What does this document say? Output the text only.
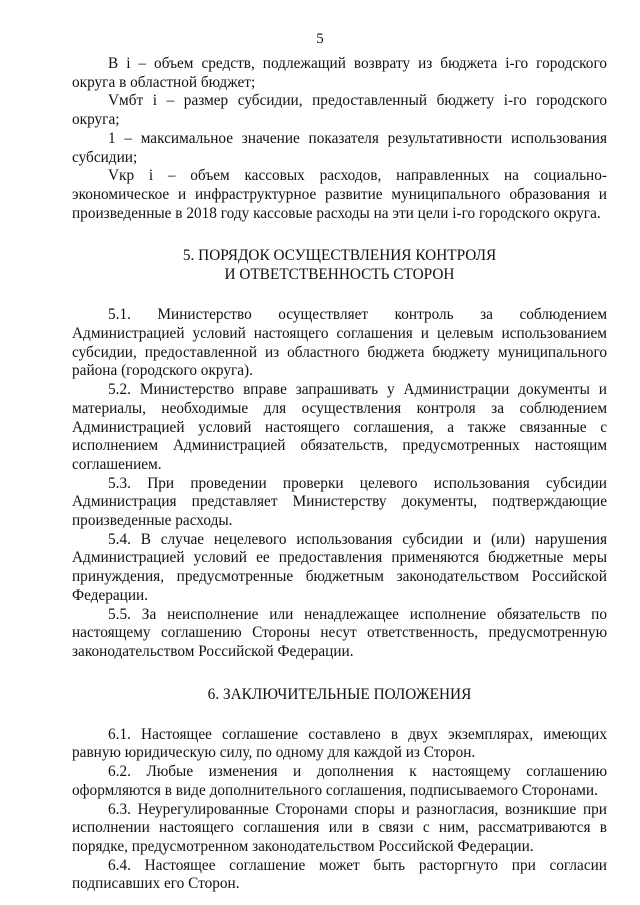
5

B i – объем средств, подлежащий возврату из бюджета i-го городского округа в областной бюджет;

Vмбт i – размер субсидии, предоставленный бюджету i-го городского округа;

1 – максимальное значение показателя результативности использования субсидии;

Vкр i – объем кассовых расходов, направленных на социально-экономическое и инфраструктурное развитие муниципального образования и произведенные в 2018 году кассовые расходы на эти цели i-го городского округа.

5. ПОРЯДОК ОСУЩЕСТВЛЕНИЯ КОНТРОЛЯ
И ОТВЕТСТВЕННОСТЬ СТОРОН

5.1. Министерство осуществляет контроль за соблюдением Администрацией условий настоящего соглашения и целевым использованием субсидии, предоставленной из областного бюджета бюджету муниципального района (городского округа).

5.2. Министерство вправе запрашивать у Администрации документы и материалы, необходимые для осуществления контроля за соблюдением Администрацией условий настоящего соглашения, а также связанные с исполнением Администрацией обязательств, предусмотренных настоящим соглашением.

5.3. При проведении проверки целевого использования субсидии Администрация представляет Министерству документы, подтверждающие произведенные расходы.

5.4. В случае нецелевого использования субсидии и (или) нарушения Администрацией условий ее предоставления применяются бюджетные меры принуждения, предусмотренные бюджетным законодательством Российской Федерации.

5.5. За неисполнение или ненадлежащее исполнение обязательств по настоящему соглашению Стороны несут ответственность, предусмотренную законодательством Российской Федерации.

6. ЗАКЛЮЧИТЕЛЬНЫЕ ПОЛОЖЕНИЯ

6.1. Настоящее соглашение составлено в двух экземплярах, имеющих равную юридическую силу, по одному для каждой из Сторон.

6.2. Любые изменения и дополнения к настоящему соглашению оформляются в виде дополнительного соглашения, подписываемого Сторонами.

6.3. Неурегулированные Сторонами споры и разногласия, возникшие при исполнении настоящего соглашения или в связи с ним, рассматриваются в порядке, предусмотренном законодательством Российской Федерации.

6.4. Настоящее соглашение может быть расторгнуто при согласии подписавших его Сторон.
